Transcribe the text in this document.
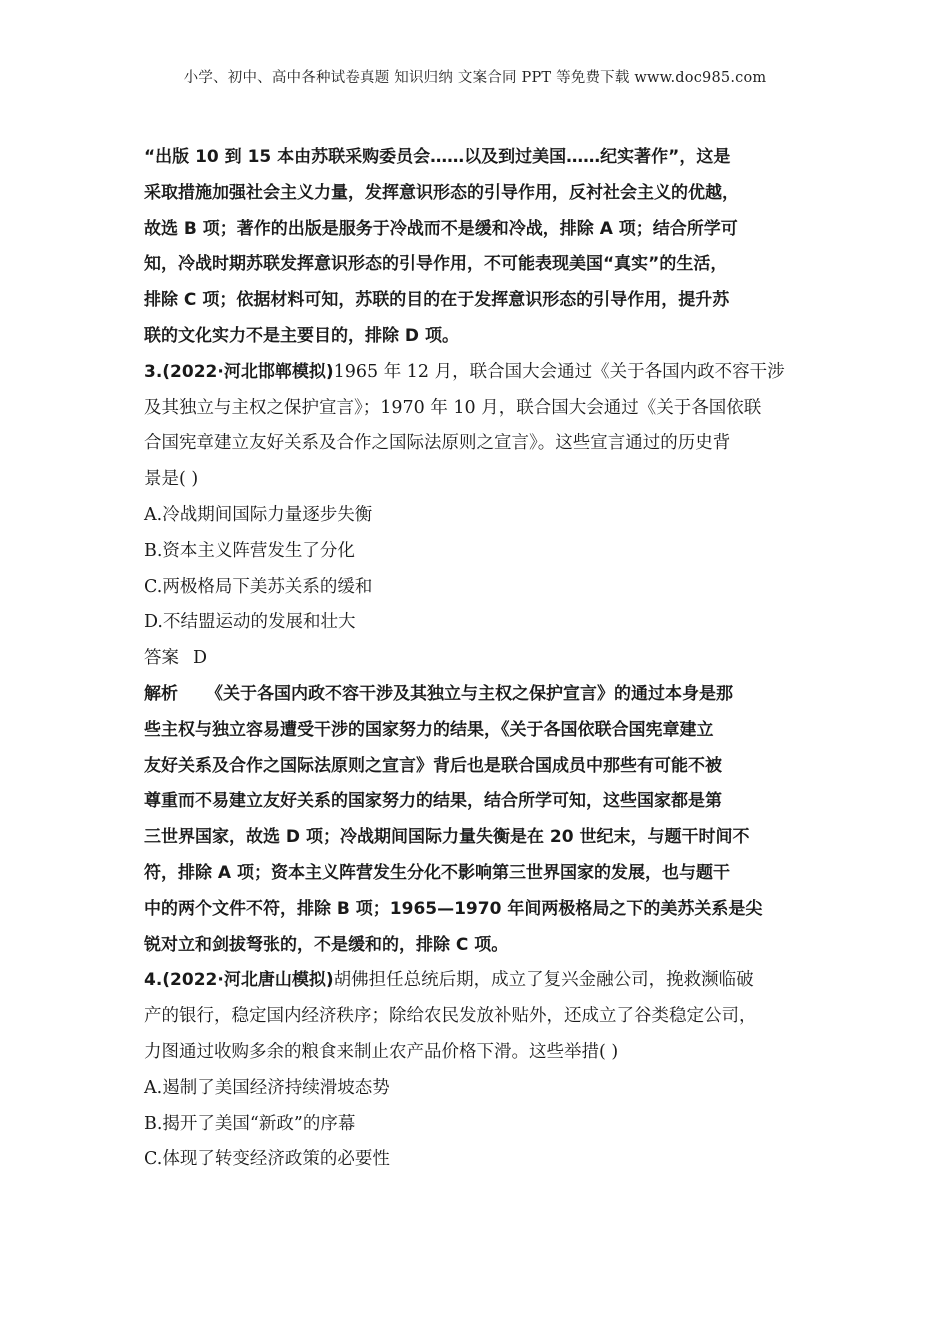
小学、初中、高中各种试卷真题 知识归纳 文案合同 PPT 等免费下载 www.doc985.com
“出版 10 到 15 本由苏联采购委员会……以及到过美国……纪实著作”，这是
采取措施加强社会主义力量，发挥意识形态的引导作用，反衬社会主义的优越，
故选 B 项；著作的出版是服务于冷战而不是缓和冷战，排除 A 项；结合所学可
知，冷战时期苏联发挥意识形态的引导作用，不可能表现美国“真实”的生活，
排除 C 项；依据材料可知，苏联的目的在于发挥意识形态的引导作用，提升苏
联的文化实力不是主要目的，排除 D 项。
3.(2022·河北邯郸模拟)1965 年 12 月，联合国大会通过《关于各国内政不容干涉
及其独立与主权之保护宣言》；1970 年 10 月，联合国大会通过《关于各国依联
合国宪章建立友好关系及合作之国际法原则之宣言》。这些宣言通过的历史背
景是( )
A.冷战期间国际力量逐步失衡
B.资本主义阵营发生了分化
C.两极格局下美苏关系的缓和
D.不结盟运动的发展和壮大
答案 D
解析 《关于各国内政不容干涉及其独立与主权之保护宣言》的通过本身是那
些主权与独立容易遭受干涉的国家努力的结果，《关于各国依联合国宪章建立
友好关系及合作之国际法原则之宣言》背后也是联合国成员中那些有可能不被
尊重而不易建立友好关系的国家努力的结果，结合所学可知，这些国家都是第
三世界国家，故选 D 项；冷战期间国际力量失衡是在 20 世纪末，与题干时间不
符，排除 A 项；资本主义阵营发生分化不影响第三世界国家的发展，也与题干
中的两个文件不符，排除 B 项；1965—1970 年间两极格局之下的美苏关系是尖
锐对立和剑拔弩张的，不是缓和的，排除 C 项。
4.(2022·河北唐山模拟)胡佛担任总统后期，成立了复兴金融公司，挽救濒临破
产的银行，稳定国内经济秩序；除给农民发放补贴外，还成立了谷类稳定公司，
力图通过收购多余的粮食来制止农产品价格下滑。这些举措( )
A.遏制了美国经济持续滑坡态势
B.揭开了美国“新政”的序幕
C.体现了转变经济政策的必要性
